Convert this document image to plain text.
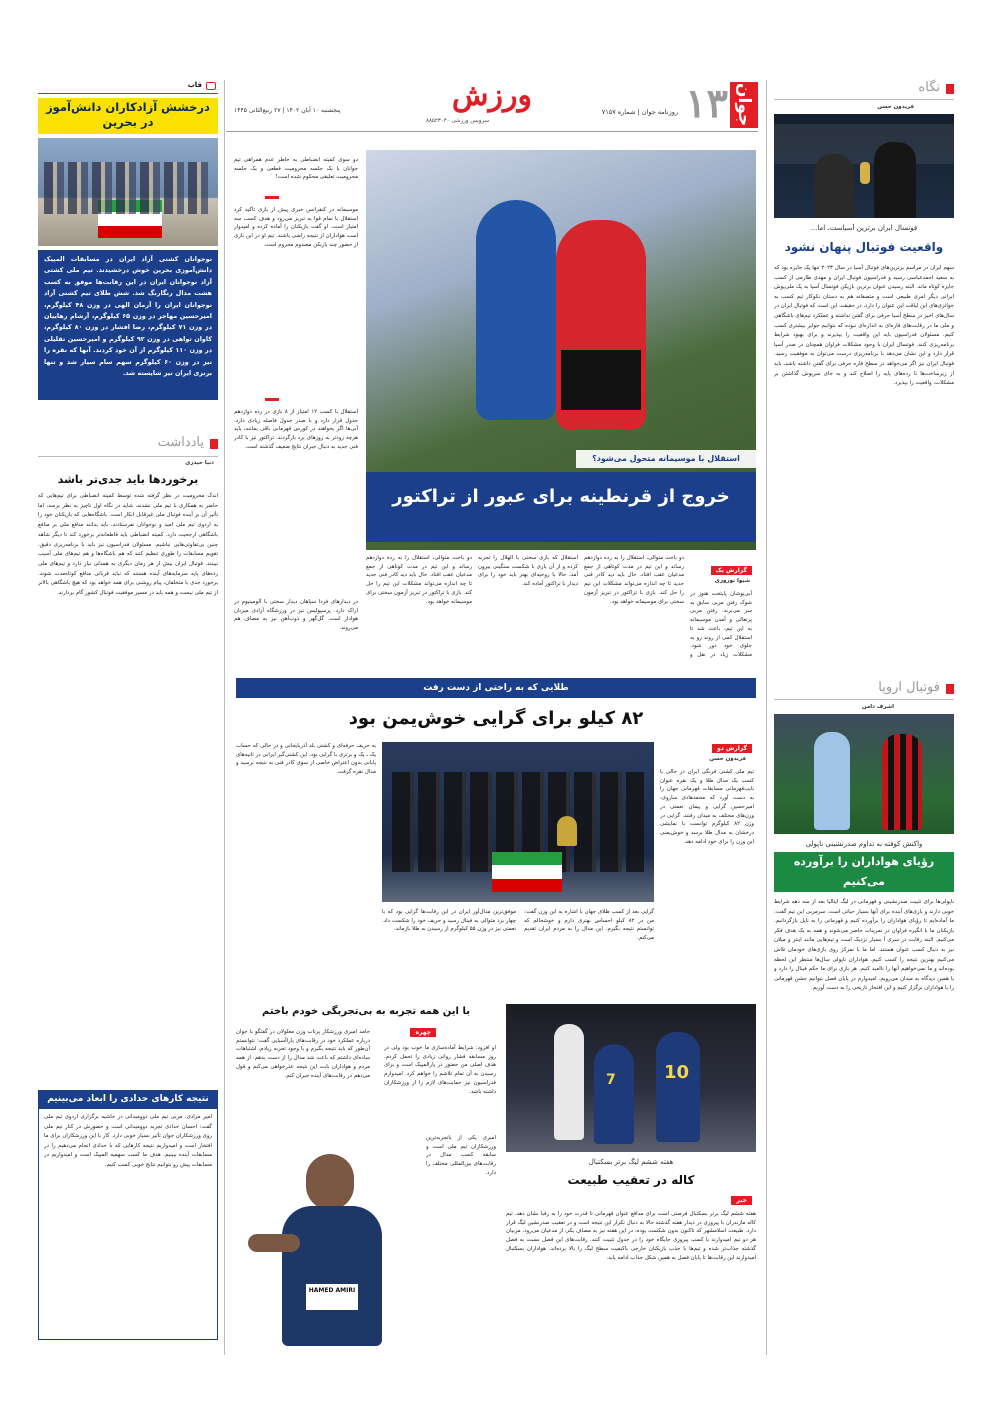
جوان
۱۳
روزنامه جوان | شماره ۷۱۵۷
ورزش
سرویس ورزشی ۸۸۵۲۳۰۴۰
پنجشنبه ۱۰ آبان ۱۴۰۲ | ۲۷ ربیع‌الثانی ۱۴۴۵
قاب
درخشش آزادکاران دانش‌آموز در بحرین
نوجوانان کشتی آزاد ایران در مسابقات المپیک دانش‌آموزی بحرین خوش درخشیدند. تیم ملی کشتی آزاد نوجوانان ایران در این رقابت‌ها موفق به کسب هشت مدال رنگارنگ شد. شش طلای تیم کشتی آزاد نوجوانان ایران را آرمان الهی در وزن ۴۸ کیلوگرم، امیرحسین مهاجر در وزن ۶۵ کیلوگرم، آرشام رهاییان در وزن ۷۱ کیلوگرم، رضا افشار در وزن ۸۰ کیلوگرم، کاوان تواهی در وزن ۹۲ کیلوگرم و امیرحسین تقلیلی در وزن ۱۱۰ کیلوگرم از آن خود کردند. آنها که نقره را نیز در وزن ۶۰ کیلوگرم سهم سام سیار شد و تنها برنزی ایران تیز شایسته شد.
یادداشت
دنیا حیدری
برخوردها باید جدی‌تر باشد
اندک محرومیت در نظر گرفته شده توسط کمیته انضباطی برای تیم‌هایی که حاضر به همکاری با تیم ملی نشدند، شاید در نگاه اول ناچیز به نظر برسد، اما تأثیر آن بر آینده فوتبال ملی غیرقابل انکار است. باشگاه‌هایی که بازیکنان خود را به اردوی تیم ملی امید و نوجوانان نفرستادند، باید بدانند منافع ملی بر منافع باشگاهی ارجحیت دارد. کمیته انضباطی باید قاطعانه‌تر برخورد کند تا دیگر شاهد چنین بی‌تفاوتی‌هایی نباشیم. مسئولان فدراسیون نیز باید با برنامه‌ریزی دقیق، تقویم مسابقات را طوری تنظیم کنند که هم باشگاه‌ها و هم تیم‌های ملی آسیب نبینند. فوتبال ایران بیش از هر زمان دیگری به همدلی نیاز دارد و تیم‌های ملی رده‌های پایه سرمایه‌های آینده هستند که نباید قربانی منافع کوتاه‌مدت شوند. برخورد جدی با متخلفان، پیام روشنی برای همه خواهد بود که هیچ باشگاهی بالاتر از تیم ملی نیست و همه باید در مسیر موفقیت فوتبال کشور گام بردارند.
نتیجه کارهای حدادی را ابعاد می‌بینیم
امیر مرادی، مربی تیم ملی دوومیدانی در حاشیه برگزاری اردوی تیم ملی گفت: احسان حدادی تجربه دوومیدانی است و حضورش در کنار تیم ملی روی ورزشکاران جوان تأثیر بسیار خوبی دارد. کار با این ورزشکاران برای ما افتخار است و امیدواریم نتیجه کارهایی که با حدادی انجام می‌دهیم را در مسابقات آینده ببینیم. هدف ما کسب سهمیه المپیک است و امیدواریم در مسابقات پیش رو بتوانیم نتایج خوبی کسب کنیم.
استقلال با موسیمانه متحول می‌شود؟
خروج از قرنطینه برای عبور از تراکتور
دو سوی کمیته انضباطی به خاطر عدم همراهی تیم جوانان با یک جلسه محرومیت قطعی و یک جلسه محرومیت تعلیقی محکوم شده است!
موسیمانه در کنفرانس خبری پیش از بازی تأکید کرد استقلال با تمام قوا به تبریز می‌رود و هدف کسب سه امتیاز است. او گفت بازیکنان را آماده کرده و امیدوار است هواداران از نتیجه راضی باشند. تیم او در این بازی از حضور چند بازیکن مصدوم محروم است.
استقلال با کسب ۱۲ امتیاز از ۸ بازی در رده دوازدهم جدول قرار دارد و با صدر جدول فاصله زیادی دارد. آبی‌ها اگر بخواهند در کورس قهرمانی باقی بمانند، باید هرچه زودتر به روزهای برد بازگردند. تراکتور نیز با کادر فنی جدید به دنبال جبران نتایج ضعیف گذشته است.
در دیدارهای فردا سپاهان دیدار سختی با آلومینیوم در اراک دارد. پرسپولیس نیز در ورزشگاه آزادی میزبان هوادار است. گل‌گهر و ذوب‌آهن نیز به مصاف هم می‌روند.
گزارش یک
شیوا نوروزی
آبی‌پوشان پایتخت هنوز در شوک رفتن مربی سابق به سر می‌برند. رفتن مربی پرتغالی و آمدن موسیمانه به این تیم، باعث شد تا استقلال کمی از روند رو به جلوی خود دور شود. مشکلات زیاد در نقل و
دو باخت متوالی، استقلال را به رده دوازدهم رساند و این تیم در مدت کوتاهی از جمع مدعیان عقب افتاد. حال باید دید کادر فنی جدید تا چه اندازه می‌تواند مشکلات این تیم را حل کند. بازی با تراکتور در تبریز آزمون سختی برای موسیمانه خواهد بود.
استقلال که بازی سختی با الهلال را تجربه کرده و از آن بازی با شکست سنگینی بیرون آمد، حالا با روحیه‌ای بهتر باید خود را برای دیدار با تراکتور آماده کند.
دو باخت متوالی، استقلال را به رده دوازدهم رساند و این تیم در مدت کوتاهی از جمع مدعیان عقب افتاد. حال باید دید کادر فنی جدید تا چه اندازه می‌تواند مشکلات این تیم را حل کند. بازی با تراکتور در تبریز آزمون سختی برای موسیمانه خواهد بود.
طلایی که به راحتی از دست رفت
۸۲ کیلو برای گرایی خوش‌یمن بود
گزارش دو
فریدون حسن
تیم ملی کشتی فرنگی ایران در حالی با کسب یک مدال طلا و یک نقره عنوان نایب‌قهرمانی مسابقات قهرمانی جهان را به دست آورد که محمدهادی ساروی، امیرحسین گرایی و پیمان نعمتی در وزن‌های مختلف به میدان رفتند. گرایی در وزن ۸۲ کیلوگرم توانست با نمایشی درخشان به مدال طلا برسد و خوش‌یمنی این وزن را برای خود ادامه دهد.
گرایی بعد از کسب طلای جهان با اشاره به این وزن گفت: من در ۸۲ کیلو احساس بهتری دارم و خوشحالم که توانستم نتیجه بگیرم. این مدال را به مردم ایران تقدیم می‌کنم.
موفق‌ترین مدال‌آور ایران در این رقابت‌ها گرایی بود که با چهار برد متوالی به فینال رسید و حریف خود را شکست داد. نعمتی نیز در وزن ۵۵ کیلوگرم از رسیدن به طلا بازماند.
به حریف حرفه‌ای و کشتی بلد آذربایجانی و در حالی که حساب یک ـ یک و برتری با گرایی بود، این کشتی‌گیر ایرانی در ثانیه‌های پایانی بدون اعتراض خاصی از سوی کادر فنی به نتیجه نرسید و مدال نقره گرفت.
با این همه تجربه به بی‌تجربگی خودم باختم
چهره
حامد امیری ورزشکار پرتاب وزن معلولان در گفتگو با جوان درباره عملکرد خود در رقابت‌های پاراآسیایی گفت: نتوانستم آن‌طور که باید نتیجه بگیرم و با وجود تجربه زیادم، اشتباهات ساده‌ای داشتم که باعث شد مدال را از دست بدهم. از همه مردم و هواداران بابت این نتیجه عذرخواهی می‌کنم و قول می‌دهم در رقابت‌های آینده جبران کنم.
او افزود: شرایط آماده‌سازی ما خوب بود ولی در روز مسابقه فشار روانی زیادی را تحمل کردم. هدف اصلی من حضور در پارالمپیک است و برای رسیدن به آن تمام تلاشم را خواهم کرد. امیدوارم فدراسیون نیز حمایت‌های لازم را از ورزشکاران داشته باشد.
امیری یکی از باتجربه‌ترین ورزشکاران تیم ملی است و سابقه کسب مدال در رقابت‌های بین‌المللی مختلف را دارد.
HAMED AMIRI
10
7
هفته ششم لیگ برتر بسکتبال
کاله در تعقیب طبیعت
خبر
هفته ششم لیگ برتر بسکتبال فرصتی است برای مدافع عنوان قهرمانی تا قدرت خود را به رقبا نشان دهد. تیم کاله مازندران با پیروزی در دیدار هفته گذشته حالا به دنبال تکرار این نتیجه است و در تعقیب صدرنشین لیگ قرار دارد. طبیعت اسلامشهر که تاکنون بدون شکست بوده، در این هفته نیز به مصاف یکی از مدعیان می‌رود. مربیان هر دو تیم امیدوارند با کسب پیروزی جایگاه خود را در جدول تثبیت کنند. رقابت‌های این فصل نسبت به فصل گذشته جذاب‌تر شده و تیم‌ها با جذب بازیکنان خارجی باکیفیت سطح لیگ را بالا برده‌اند. هواداران بسکتبال امیدوارند این رقابت‌ها تا پایان فصل به همین شکل جذاب ادامه یابد.
نگاه
فریدون حسن
فوتسال ایران برترین آسیاست، اما...
واقعیت فوتبال پنهان نشود
سهم ایران در مراسم برترین‌های فوتبال آسیا در سال ۲۰۲۳ تنها یک جایزه بود که به سعید احمدعباسی رسید و فدراسیون فوتبال ایران و مهدی طارمی از کسب جایزه کوتاه ماند. البته رسیدن عنوان برترین بازیکن فوتسال آسیا به یک ملی‌پوش ایرانی دیگر امری طبیعی است و متصفانه هم به دستان نکوکار تیم کسب به جوائزی‌های این لیاقت این عنوان را دارد، در حقیقت این است که فوتبال ایران در سال‌های اخیر در سطح آسیا حرفی برای گفتن نداشته و عملکرد تیم‌های باشگاهی و ملی ما در رقابت‌های قاره‌ای به اندازه‌ای نبوده که بتوانیم جوایز بیشتری کسب کنیم. مسئولان فدراسیون باید این واقعیت را بپذیرند و برای بهبود شرایط برنامه‌ریزی کنند. فوتسال ایران با وجود مشکلات فراوان همچنان در صدر آسیا قرار دارد و این نشان می‌دهد با برنامه‌ریزی درست می‌توان به موفقیت رسید. فوتبال ایران نیز اگر می‌خواهد در سطح قاره حرفی برای گفتن داشته باشد، باید از زیرساخت‌ها تا رده‌های پایه را اصلاح کند و به جای سرپوش گذاشتن بر مشکلات، واقعیت را بپذیرد.
فوتبال اروپا
اشرف دامن
واکنش کوفته به تداوم صدرنشینی ناپولی
رؤیای هواداران را برآورده می‌کنیم
ناپولی‌ها برای تثبیت صدرنشینی و قهرمانی در لیگ ایتالیا بعد از سه دهه شرایط خوبی دارند و بازی‌های آینده برای آنها بسیار حیاتی است. سرمربی این تیم گفت: ما آماده‌ایم تا رؤیای هواداران را برآورده کنیم و قهرمانی را به ناپل بازگردانیم. بازیکنان ما با انگیزه فراوان در تمرینات حاضر می‌شوند و همه به یک هدف فکر می‌کنیم. البته رقابت در سری آ بسیار نزدیک است و تیم‌هایی مانند اینتر و میلان نیز به دنبال کسب عنوان هستند. اما ما با تمرکز روی بازی‌های خودمان تلاش می‌کنیم بهترین نتیجه را کسب کنیم. هواداران ناپولی سال‌ها منتظر این لحظه بوده‌اند و ما نمی‌خواهیم آنها را ناامید کنیم. هر بازی برای ما حکم فینال را دارد و با همین دیدگاه به میدان می‌رویم. امیدوارم در پایان فصل بتوانیم جشن قهرمانی را با هواداران برگزار کنیم و این افتخار تاریخی را به دست آوریم.
